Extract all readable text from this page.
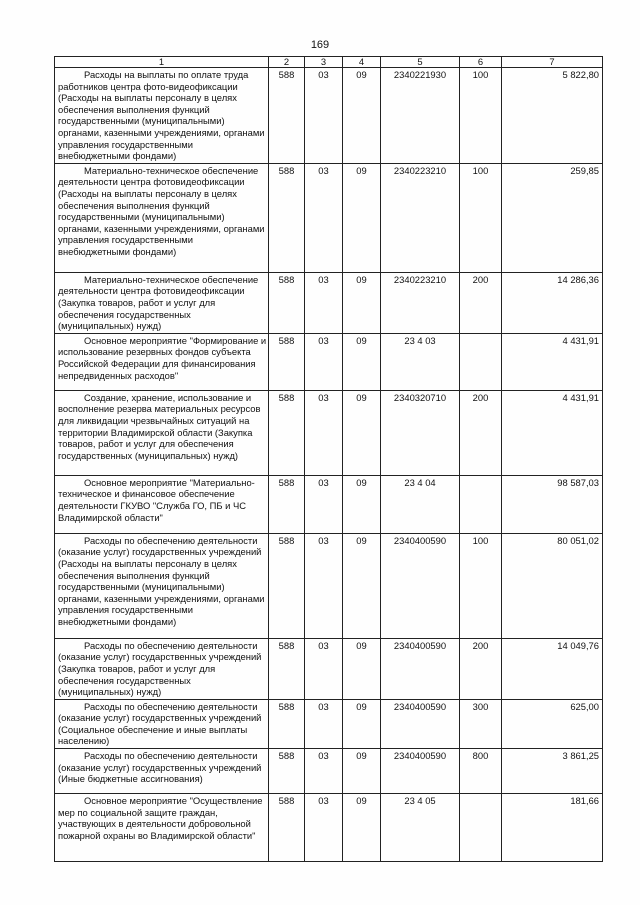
169
1	2	3	4	5	6	7

Расходы на выплаты по оплате труда работников центра фото-видеофиксации (Расходы на выплаты персоналу в целях обеспечения выполнения функций государственными (муниципальными) органами, казенными учреждениями, органами управления государственными внебюджетными фондами)	588	03	09	2340221930	100	5 822,80

Материально-техническое обеспечение деятельности центра фотовидеофиксации (Расходы на выплаты персоналу в целях обеспечения выполнения функций государственными (муниципальными) органами, казенными учреждениями, органами управления государственными внебюджетными фондами)	588	03	09	2340223210	100	259,85

Материально-техническое обеспечение деятельности центра фотовидеофиксации (Закупка товаров, работ и услуг для обеспечения государственных (муниципальных) нужд)	588	03	09	2340223210	200	14 286,36

Основное мероприятие "Формирование и использование резервных фондов субъекта Российской Федерации для финансирования непредвиденных расходов"	588	03	09	23 4 03		4 431,91

Создание, хранение, использование и восполнение резерва материальных ресурсов для ликвидации чрезвычайных ситуаций на территории Владимирской области (Закупка товаров, работ и услуг для обеспечения государственных (муниципальных) нужд)	588	03	09	2340320710	200	4 431,91

Основное мероприятие "Материально-техническое и финансовое обеспечение деятельности ГКУВО "Служба ГО, ПБ и ЧС Владимирской области"	588	03	09	23 4 04		98 587,03

Расходы по обеспечению деятельности (оказание услуг) государственных учреждений (Расходы на выплаты персоналу в целях обеспечения выполнения функций государственными (муниципальными) органами, казенными учреждениями, органами управления государственными внебюджетными фондами)	588	03	09	2340400590	100	80 051,02

Расходы по обеспечению деятельности (оказание услуг) государственных учреждений (Закупка товаров, работ и услуг для обеспечения государственных (муниципальных) нужд)	588	03	09	2340400590	200	14 049,76

Расходы по обеспечению деятельности (оказание услуг) государственных учреждений (Социальное обеспечение и иные выплаты населению)	588	03	09	2340400590	300	625,00

Расходы по обеспечению деятельности (оказание услуг) государственных учреждений (Иные бюджетные ассигнования)	588	03	09	2340400590	800	3 861,25

Основное мероприятие "Осуществление мер по социальной защите граждан, участвующих в деятельности добровольной пожарной охраны во Владимирской области"	588	03	09	23 4 05		181,66
